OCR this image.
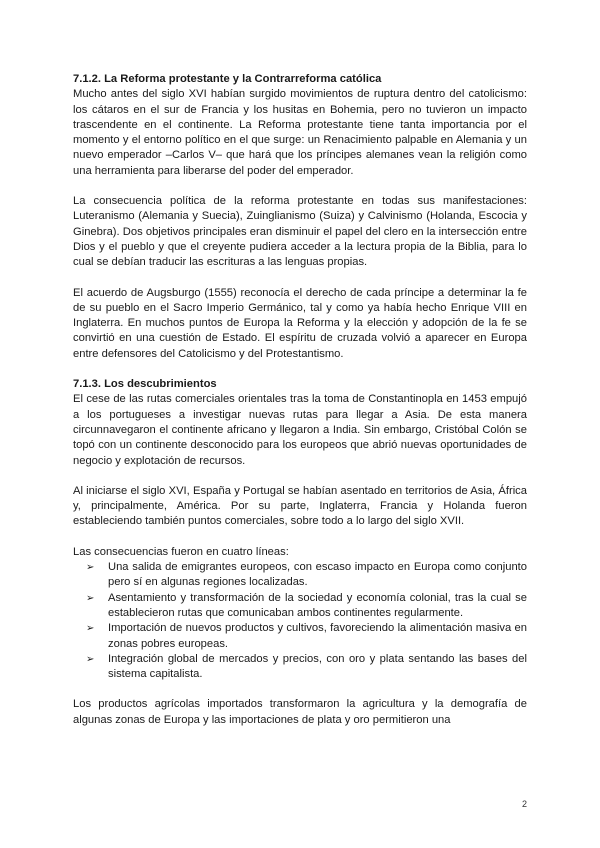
7.1.2. La Reforma protestante y la Contrarreforma católica

Mucho antes del siglo XVI habían surgido movimientos de ruptura dentro del catolicismo: los cátaros en el sur de Francia y los husitas en Bohemia, pero no tuvieron un impacto trascendente en el continente. La Reforma protestante tiene tanta importancia por el momento y el entorno político en el que surge: un Renacimiento palpable en Alemania y un nuevo emperador –Carlos V– que hará que los príncipes alemanes vean la religión como una herramienta para liberarse del poder del emperador.

La consecuencia política de la reforma protestante en todas sus manifestaciones: Luteranismo (Alemania y Suecia), Zuinglianismo (Suiza) y Calvinismo (Holanda, Escocia y Ginebra). Dos objetivos principales eran disminuir el papel del clero en la intersección entre Dios y el pueblo y que el creyente pudiera acceder a la lectura propia de la Biblia, para lo cual se debían traducir las escrituras a las lenguas propias.

El acuerdo de Augsburgo (1555) reconocía el derecho de cada príncipe a determinar la fe de su pueblo en el Sacro Imperio Germánico, tal y como ya había hecho Enrique VIII en Inglaterra. En muchos puntos de Europa la Reforma y la elección y adopción de la fe se convirtió en una cuestión de Estado. El espíritu de cruzada volvió a aparecer en Europa entre defensores del Catolicismo y del Protestantismo.

7.1.3. Los descubrimientos

El cese de las rutas comerciales orientales tras la toma de Constantinopla en 1453 empujó a los portugueses a investigar nuevas rutas para llegar a Asia. De esta manera circunnavegaron el continente africano y llegaron a India. Sin embargo, Cristóbal Colón se topó con un continente desconocido para los europeos que abrió nuevas oportunidades de negocio y explotación de recursos.

Al iniciarse el siglo XVI, España y Portugal se habían asentado en territorios de Asia, África y, principalmente, América. Por su parte, Inglaterra, Francia y Holanda fueron estableciendo también puntos comerciales, sobre todo a lo largo del siglo XVII.

Las consecuencias fueron en cuatro líneas:

➢ Una salida de emigrantes europeos, con escaso impacto en Europa como conjunto pero sí en algunas regiones localizadas.
➢ Asentamiento y transformación de la sociedad y economía colonial, tras la cual se establecieron rutas que comunicaban ambos continentes regularmente.
➢ Importación de nuevos productos y cultivos, favoreciendo la alimentación masiva en zonas pobres europeas.
➢ Integración global de mercados y precios, con oro y plata sentando las bases del sistema capitalista.

Los productos agrícolas importados transformaron la agricultura y la demografía de algunas zonas de Europa y las importaciones de plata y oro permitieron una

2
